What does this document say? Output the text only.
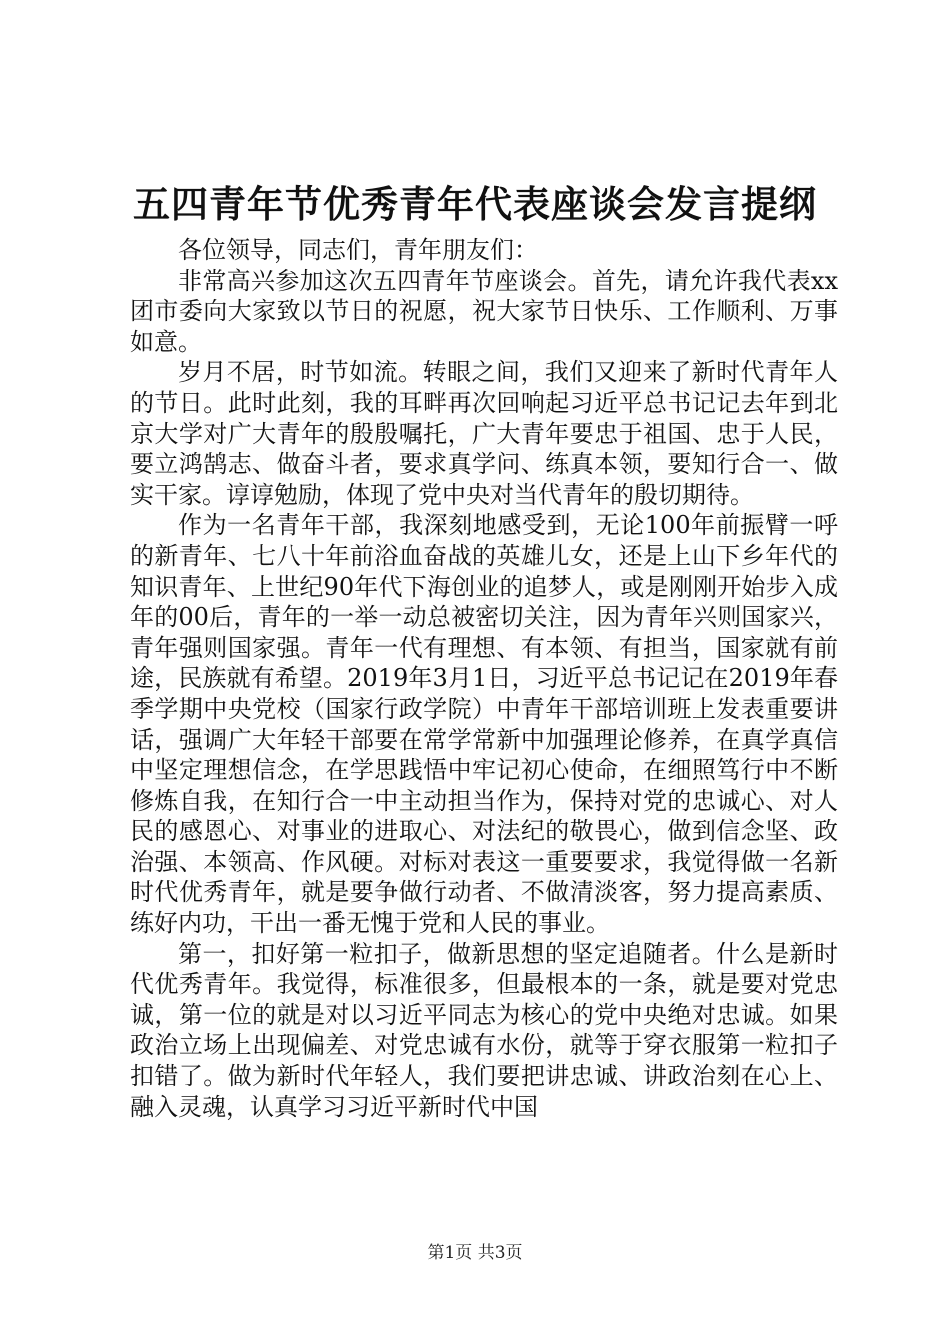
五四青年节优秀青年代表座谈会发言提纲

各位领导，同志们，青年朋友们：

非常高兴参加这次五四青年节座谈会。首先，请允许我代表xx团市委向大家致以节日的祝愿，祝大家节日快乐、工作顺利、万事如意。

岁月不居，时节如流。转眼之间，我们又迎来了新时代青年人的节日。此时此刻，我的耳畔再次回响起习近平总书记记去年到北京大学对广大青年的殷殷嘱托，广大青年要忠于祖国、忠于人民，要立鸿鹄志、做奋斗者，要求真学问、练真本领，要知行合一、做实干家。谆谆勉励，体现了党中央对当代青年的殷切期待。

作为一名青年干部，我深刻地感受到，无论100年前振臂一呼的新青年、七八十年前浴血奋战的英雄儿女，还是上山下乡年代的知识青年、上世纪90年代下海创业的追梦人，或是刚刚开始步入成年的00后，青年的一举一动总被密切关注，因为青年兴则国家兴，青年强则国家强。青年一代有理想、有本领、有担当，国家就有前途，民族就有希望。2019年3月1日，习近平总书记记在2019年春季学期中央党校（国家行政学院）中青年干部培训班上发表重要讲话，强调广大年轻干部要在常学常新中加强理论修养，在真学真信中坚定理想信念，在学思践悟中牢记初心使命，在细照笃行中不断修炼自我，在知行合一中主动担当作为，保持对党的忠诚心、对人民的感恩心、对事业的进取心、对法纪的敬畏心，做到信念坚、政治强、本领高、作风硬。对标对表这一重要要求，我觉得做一名新时代优秀青年，就是要争做行动者、不做清淡客，努力提高素质、练好内功，干出一番无愧于党和人民的事业。

第一，扣好第一粒扣子，做新思想的坚定追随者。什么是新时代优秀青年。我觉得，标准很多，但最根本的一条，就是要对党忠诚，第一位的就是对以习近平同志为核心的党中央绝对忠诚。如果政治立场上出现偏差、对党忠诚有水份，就等于穿衣服第一粒扣子扣错了。做为新时代年轻人，我们要把讲忠诚、讲政治刻在心上、融入灵魂，认真学习习近平新时代中国

第1页 共3页
